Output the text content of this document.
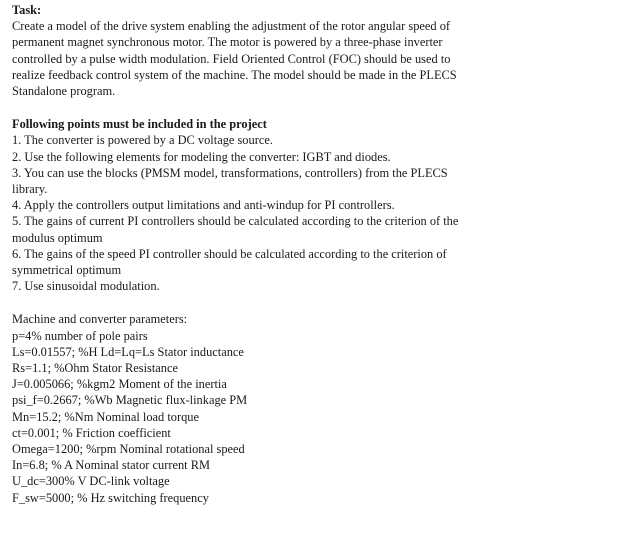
Task:
Create a model of the drive system enabling the adjustment of the rotor angular speed of
permanent magnet synchronous motor. The motor is powered by a three-phase inverter
controlled by a pulse width modulation. Field Oriented Control (FOC) should be used to
realize feedback control system of the machine. The model should be made in the PLECS
Standalone program.
Following points must be included in the project
1. The converter is powered by a DC voltage source.
2. Use the following elements for modeling the converter: IGBT and diodes.
3. You can use the blocks (PMSM model, transformations, controllers) from the PLECS
library.
4. Apply the controllers output limitations and anti-windup for PI controllers.
5. The gains of current PI controllers should be calculated according to the criterion of the
modulus optimum
6. The gains of the speed PI controller should be calculated according to the criterion of
symmetrical optimum
7. Use sinusoidal modulation.
Machine and converter parameters:
p=4% number of pole pairs
Ls=0.01557; %H Ld=Lq=Ls Stator inductance
Rs=1.1; %Ohm Stator Resistance
J=0.005066; %kgm2 Moment of the inertia
psi_f=0.2667; %Wb Magnetic flux-linkage PM
Mn=15.2; %Nm Nominal load torque
ct=0.001; % Friction coefficient
Omega=1200; %rpm Nominal rotational speed
In=6.8; % A Nominal stator current RM
U_dc=300% V DC-link voltage
F_sw=5000; % Hz switching frequency
